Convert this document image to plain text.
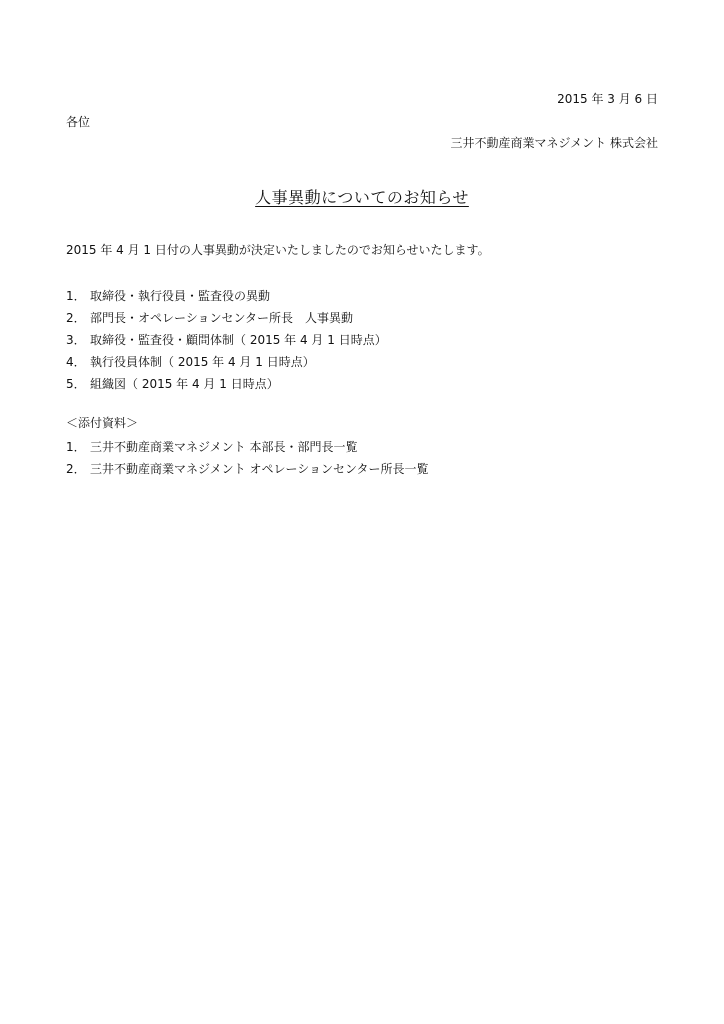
2015 年 3 月 6 日
各位
三井不動産商業マネジメント 株式会社
人事異動についてのお知らせ
2015 年 4 月 1 日付の人事異動が決定いたしましたのでお知らせいたします。
1． 取締役・執行役員・監査役の異動
2． 部門長・オペレーションセンター所長　人事異動
3． 取締役・監査役・顧問体制（ 2015 年 4 月 1 日時点）
4． 執行役員体制（ 2015 年 4 月 1 日時点）
5． 組織図（ 2015 年 4 月 1 日時点）
＜添付資料＞
1． 三井不動産商業マネジメント 本部長・部門長一覧
2． 三井不動産商業マネジメント オペレーションセンター所長一覧
